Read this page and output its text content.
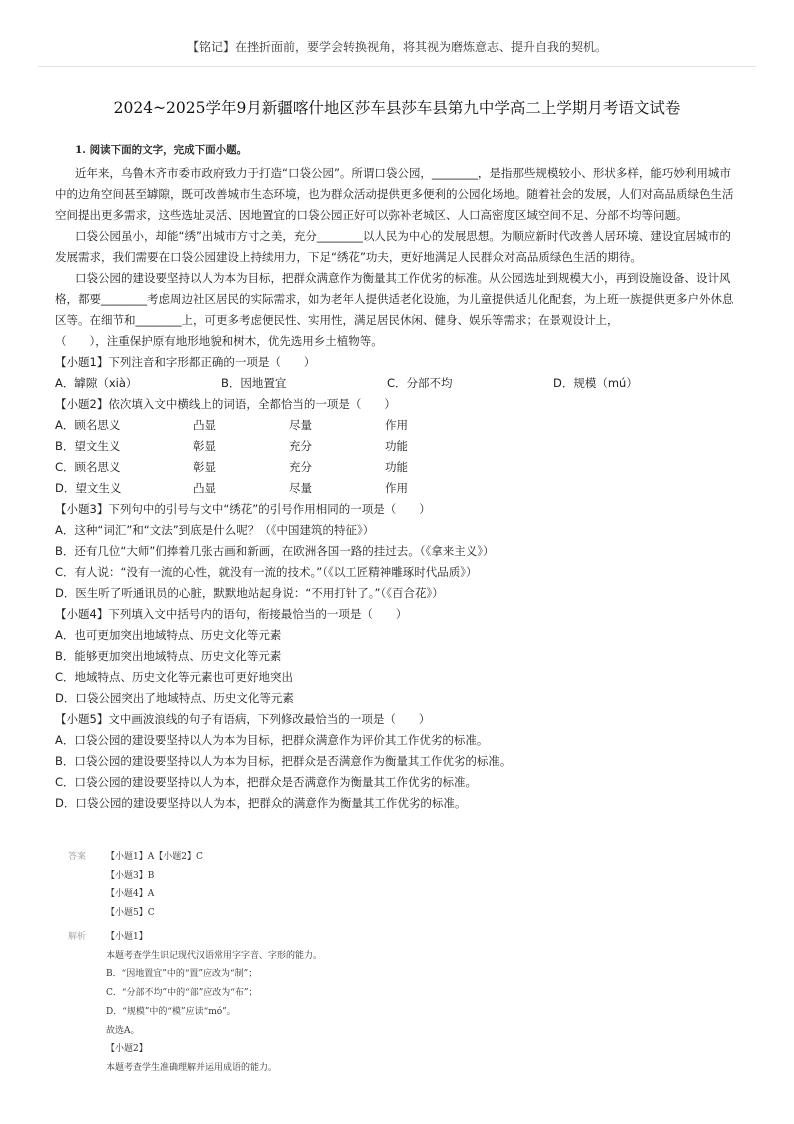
【铭记】在挫折面前，要学会转换视角，将其视为磨炼意志、提升自我的契机。
2024~2025学年9月新疆喀什地区莎车县莎车县第九中学高二上学期月考语文试卷
1. 阅读下面的文字，完成下面小题。

近年来，乌鲁木齐市委市政府致力于打造“口袋公园”。所谓口袋公园，________，是指那些规模较小、形状多样，能巧妙利用城市中的边角空间甚至罅隙，既可改善城市生态环境，也为群众活动提供更多便利的公园化场地。随着社会的发展，人们对高品质绿色生活空间提出更多需求，这些选址灵活、因地置宜的口袋公园正好可以弥补老城区、人口高密度区域空间不足、分部不均等问题。

口袋公园虽小，却能“绣”出城市方寸之美，充分________以人民为中心的发展思想。为顺应新时代改善人居环境、建设宜居城市的发展需求，我们需要在口袋公园建设上持续用力，下足“绣花”功夫，更好地满足人民群众对高品质绿色生活的期待。

口袋公园的建设要坚持以人为本为目标，把群众满意作为衡量其工作优劣的标准。从公园选址到规模大小，再到设施设备、设计风格，都要________考虑周边社区居民的实际需求，如为老年人提供适老化设施，为儿童提供适儿化配套，为上班一族提供更多户外休息区等。在细节和________上，可更多考虑便民性、实用性，满足居民休闲、健身、娱乐等需求；在景观设计上，

（　　），注重保护原有地形地貌和树木，优先选用乡土植物等。

【小题1】下列注音和字形都正确的一项是（　　）

A．罅隙（xià）	B．因地置宜	C．分部不均	D．规模（mú）

【小题2】依次填入文中横线上的词语，全都恰当的一项是（　　）

A．顾名思义	凸显	尽量	作用
B．望文生义	彰显	充分	功能
C．顾名思义	彰显	充分	功能
D．望文生义	凸显	尽量	作用

【小题3】下列句中的引号与文中“绣花”的引号作用相同的一项是（　　）

A．这种“词汇”和“文法”到底是什么呢？（《中国建筑的特征》）

B．还有几位“大师”们捧着几张古画和新画，在欧洲各国一路的挂过去。（《拿来主义》）

C．有人说：“没有一流的心性，就没有一流的技术。”（《以工匠精神雕琢时代品质》）

D．医生听了听通讯员的心脏，默默地站起身说：“不用打针了。”（《百合花》）

【小题4】下列填入文中括号内的语句，衔接最恰当的一项是（　　）

A．也可更加突出地域特点、历史文化等元素

B．能够更加突出地域特点、历史文化等元素

C．地域特点、历史文化等元素也可更好地突出

D．口袋公园突出了地域特点、历史文化等元素

【小题5】文中画波浪线的句子有语病，下列修改最恰当的一项是（　　）

A．口袋公园的建设要坚持以人为本为目标，把群众满意作为评价其工作优劣的标准。

B．口袋公园的建设要坚持以人为本为目标，把群众是否满意作为衡量其工作优劣的标准。

C．口袋公园的建设要坚持以人为本，把群众是否满意作为衡量其工作优劣的标准。

D．口袋公园的建设要坚持以人为本，把群众的满意作为衡量其工作优劣的标准。

答案	【小题1】A【小题2】C
【小题3】B
【小题4】A
【小题5】C
解析	【小题1】
本题考查学生识记现代汉语常用字字音、字形的能力。
B．“因地置宜”中的“置”应改为“制”；
C．“分部不均”中的“部”应改为“布”；
D．“规模”中的“模”应读“mó”。
故选A。
【小题2】
本题考查学生准确理解并运用成语的能力。
